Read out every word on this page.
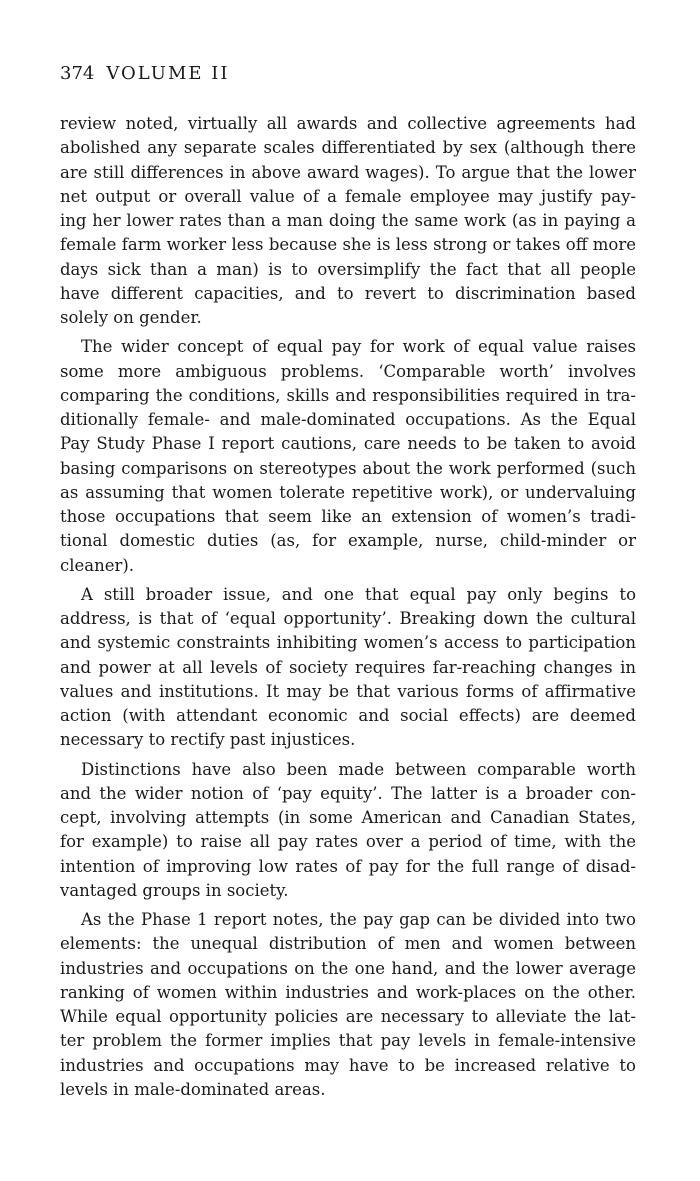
374 VOLUME II
review noted, virtually all awards and collective agreements had
abolished any separate scales differentiated by sex (although there
are still differences in above award wages). To argue that the lower
net output or overall value of a female employee may justify pay-
ing her lower rates than a man doing the same work (as in paying a
female farm worker less because she is less strong or takes off more
days sick than a man) is to oversimplify the fact that all people
have different capacities, and to revert to discrimination based
solely on gender.
The wider concept of equal pay for work of equal value raises
some more ambiguous problems. ‘Comparable worth’ involves
comparing the conditions, skills and responsibilities required in tra-
ditionally female- and male-dominated occupations. As the Equal
Pay Study Phase I report cautions, care needs to be taken to avoid
basing comparisons on stereotypes about the work performed (such
as assuming that women tolerate repetitive work), or undervaluing
those occupations that seem like an extension of women’s tradi-
tional domestic duties (as, for example, nurse, child-minder or
cleaner).
A still broader issue, and one that equal pay only begins to
address, is that of ‘equal opportunity’. Breaking down the cultural
and systemic constraints inhibiting women’s access to participation
and power at all levels of society requires far-reaching changes in
values and institutions. It may be that various forms of affirmative
action (with attendant economic and social effects) are deemed
necessary to rectify past injustices.
Distinctions have also been made between comparable worth
and the wider notion of ‘pay equity’. The latter is a broader con-
cept, involving attempts (in some American and Canadian States,
for example) to raise all pay rates over a period of time, with the
intention of improving low rates of pay for the full range of disad-
vantaged groups in society.
As the Phase 1 report notes, the pay gap can be divided into two
elements: the unequal distribution of men and women between
industries and occupations on the one hand, and the lower average
ranking of women within industries and work-places on the other.
While equal opportunity policies are necessary to alleviate the lat-
ter problem the former implies that pay levels in female-intensive
industries and occupations may have to be increased relative to
levels in male-dominated areas.
